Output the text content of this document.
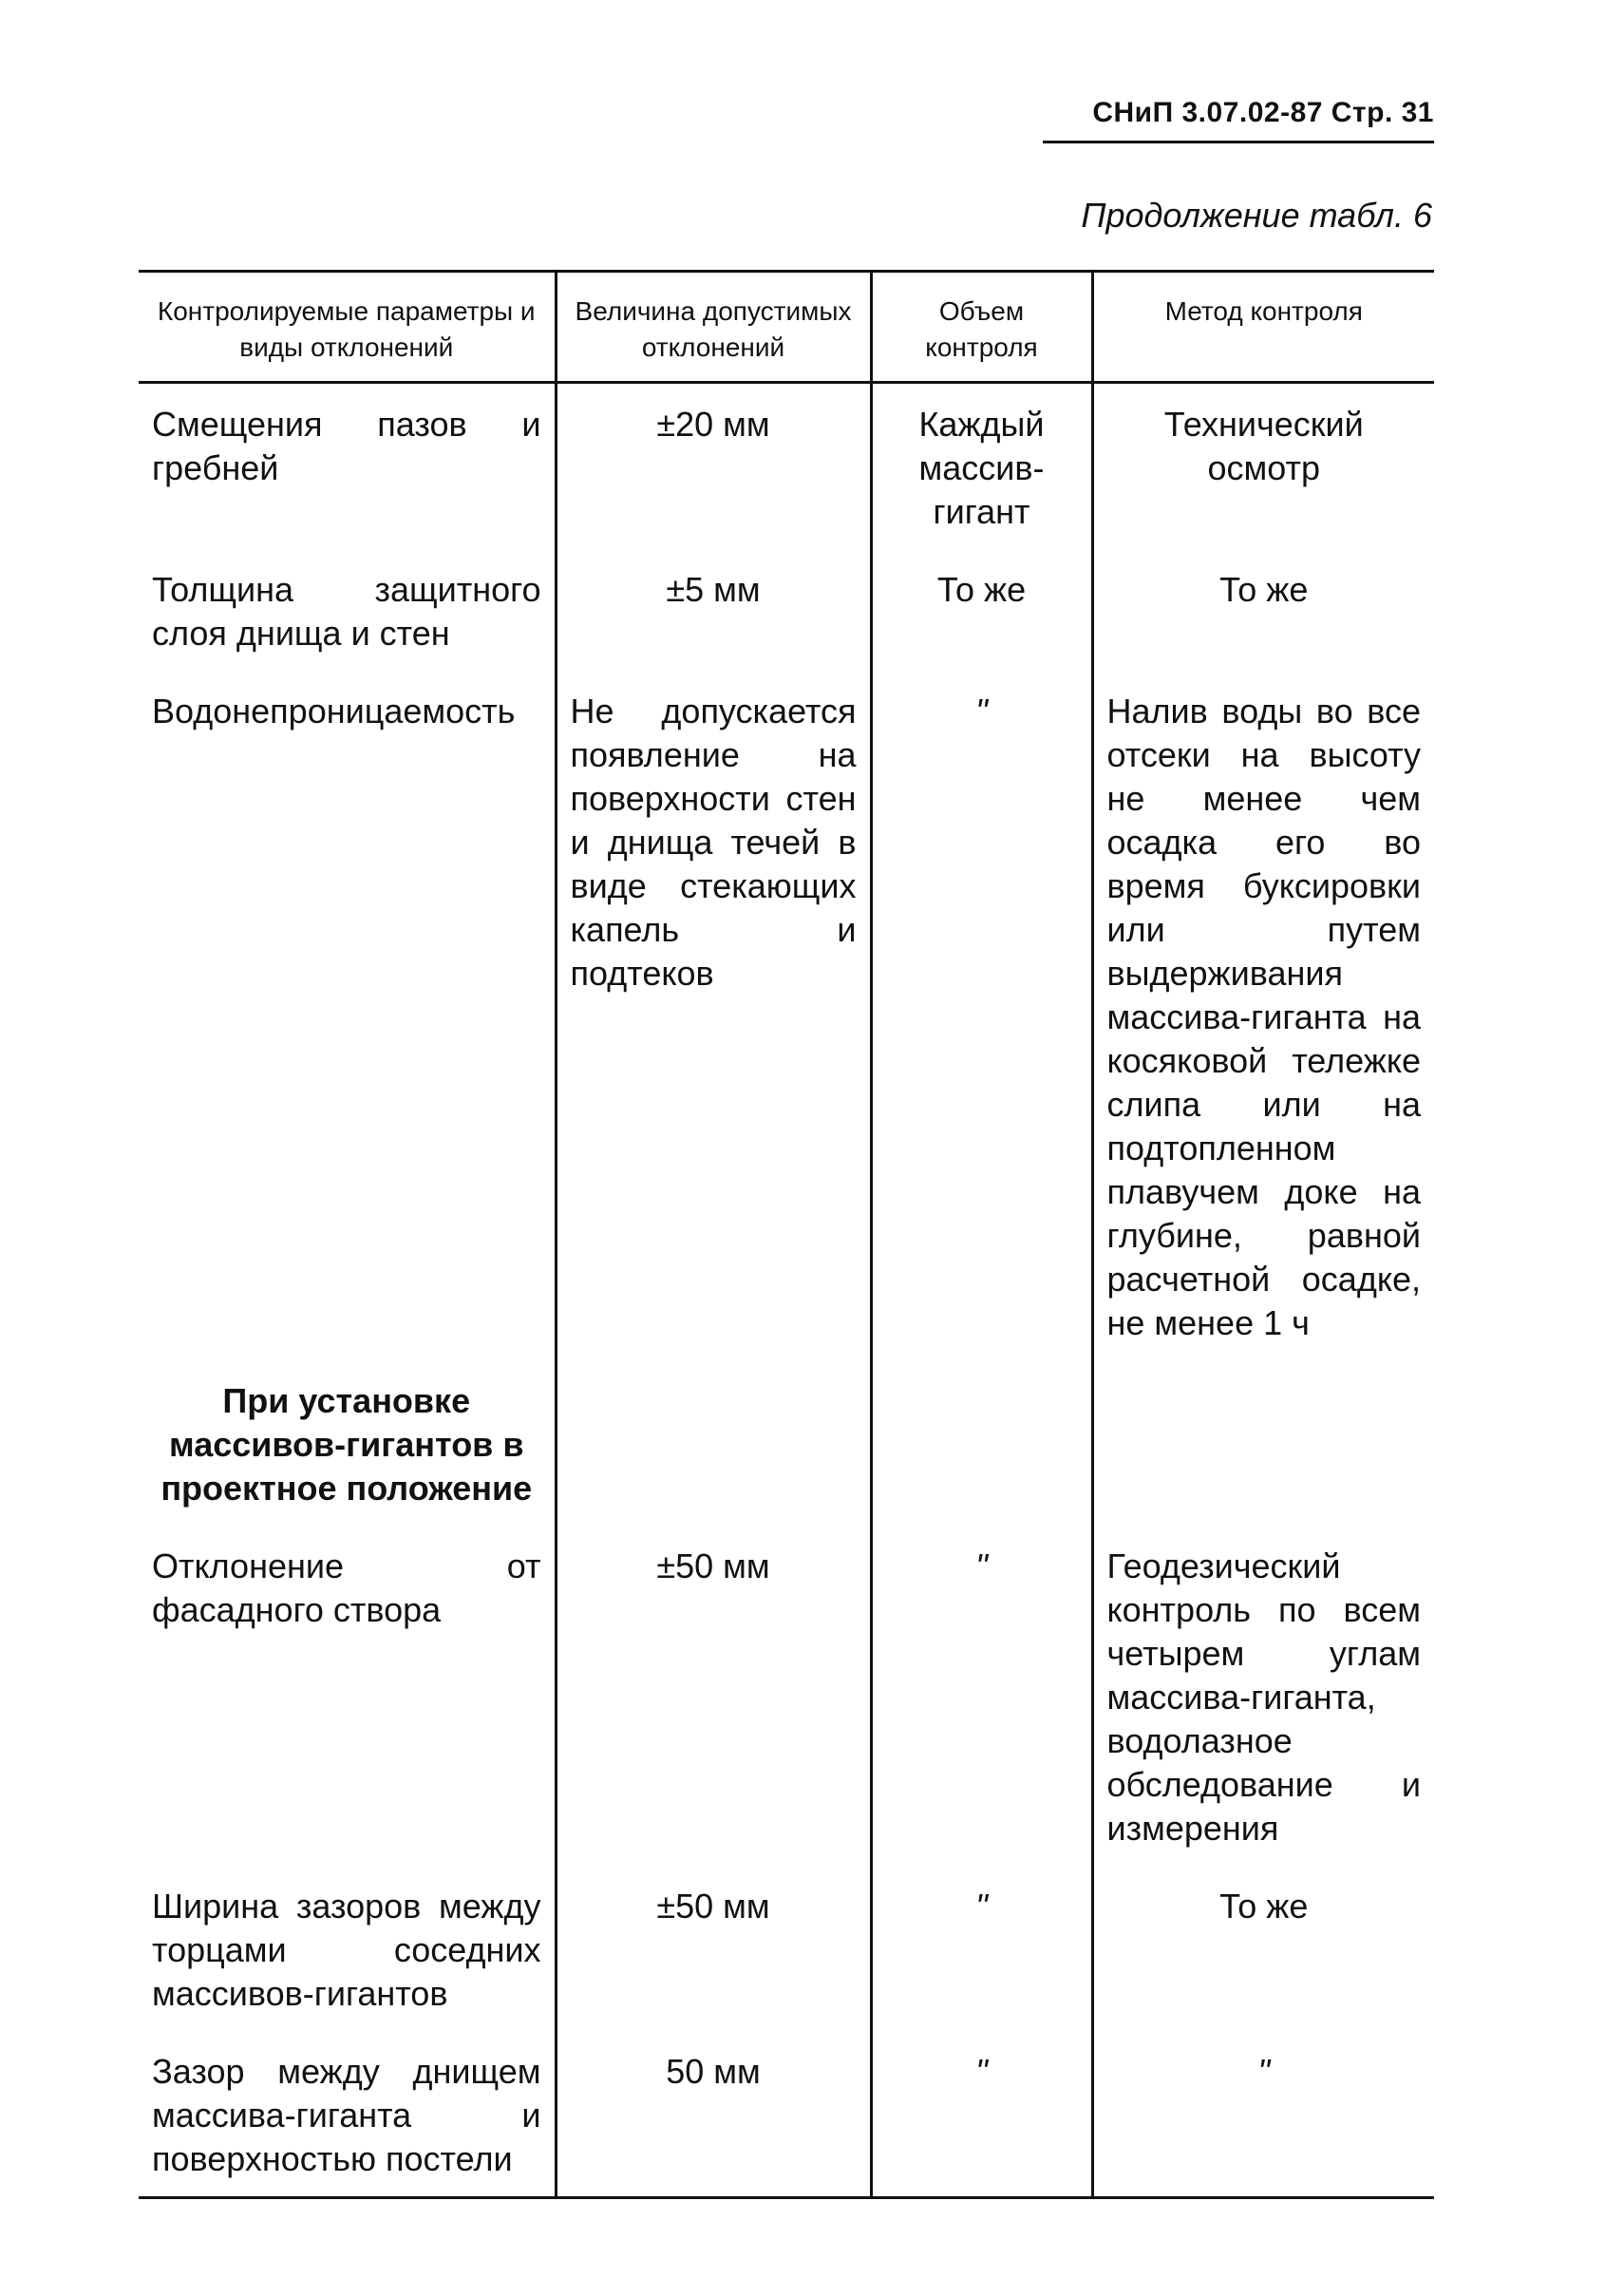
СНиП 3.07.02-87 Стр. 31
Продолжение табл. 6
Контролируемые параметры и виды отклонений	Величина допустимых отклонений	Объем контроля	Метод контроля
Смещения пазов и гребней	±20 мм	Каждый массив-гигант	Технический осмотр
Толщина защитного слоя днища и стен	±5 мм	То же	То же
Водонепроницаемость	Не допускается появление на поверхности стен и днища течей в виде стекающих капель и подтеков	"	Налив воды во все отсеки на высоту не менее чем осадка его во время буксировки или путем выдерживания массива-гиганта на косяковой тележке слипа или на подтопленном плавучем доке на глубине, равной расчетной осадке, не менее 1 ч
При установке массивов-гигантов в проектное положение			
Отклонение от фасадного створа	±50 мм	"	Геодезический контроль по всем четырем углам массива-гиганта, водолазное обследование и измерения
Ширина зазоров между торцами соседних массивов-гигантов	±50 мм	"	То же
Зазор между днищем массива-гиганта и поверхностью постели	50 мм	"	"
